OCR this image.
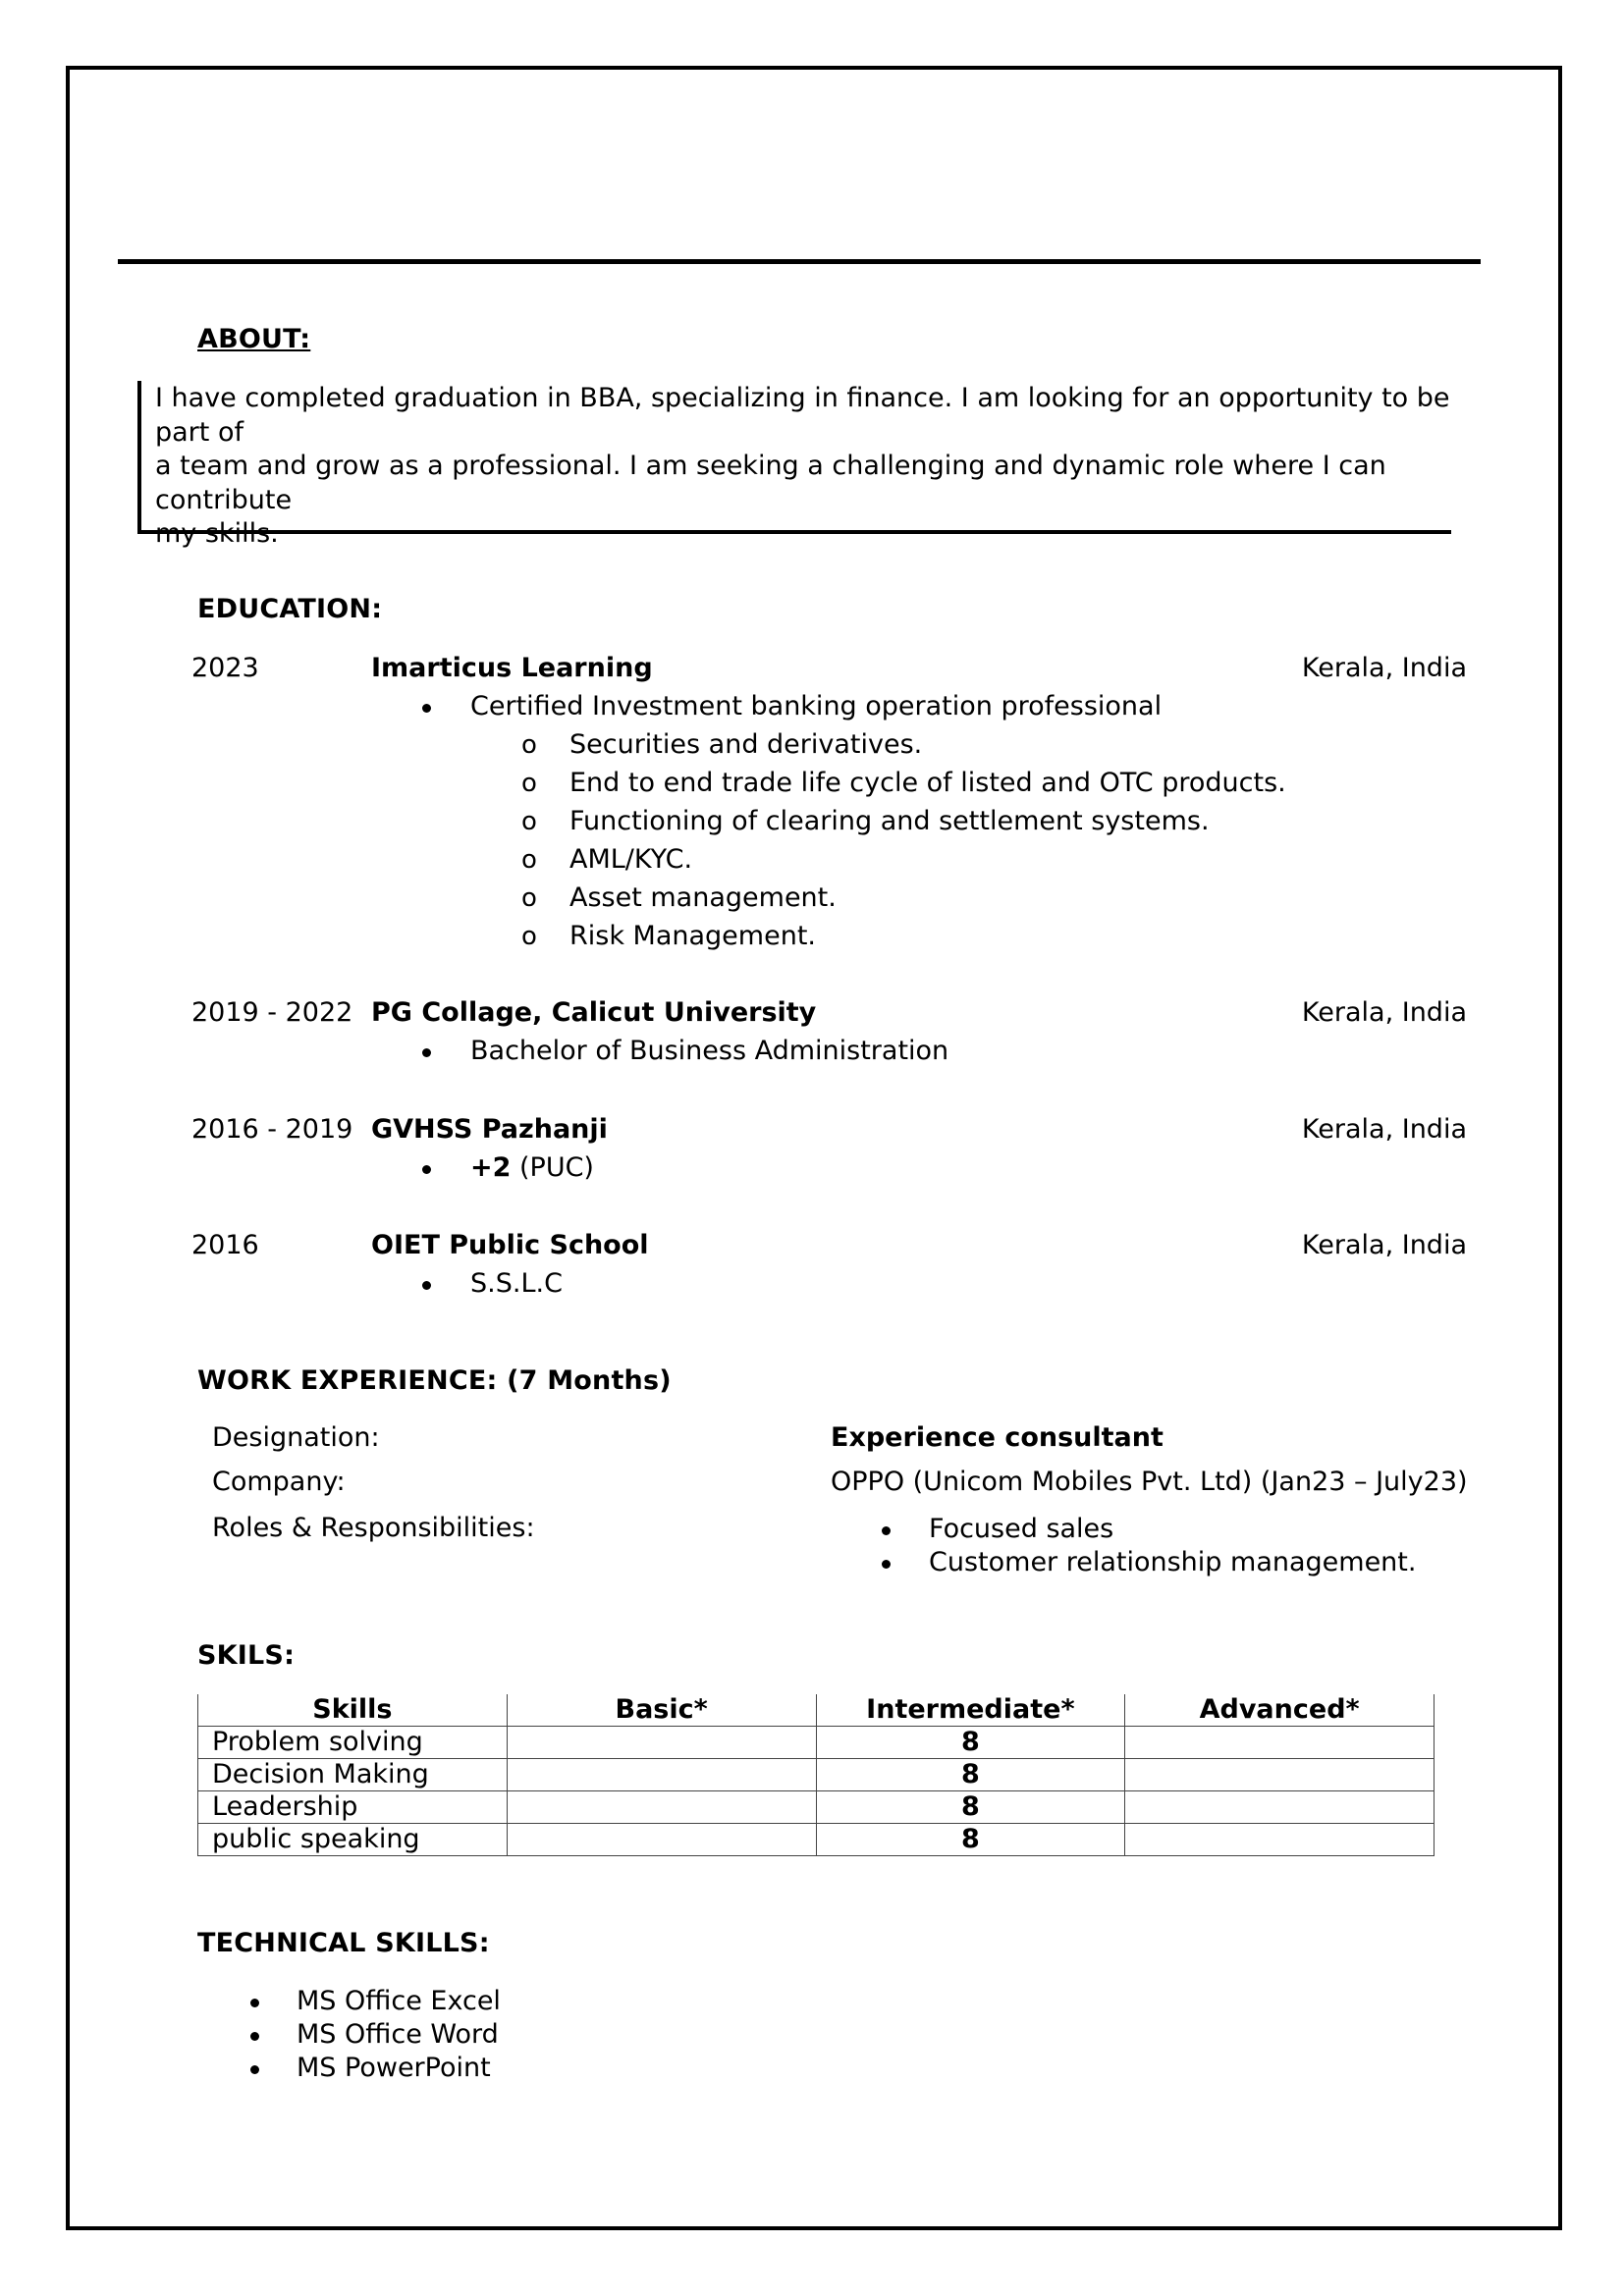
ABOUT:
I have completed graduation in BBA, specializing in finance. I am looking for an opportunity to be part of
a team and grow as a professional. I am seeking a challenging and dynamic role where I can contribute
my skills.
EDUCATION:
2023	Imarticus Learning	Kerala, India
Certified Investment banking operation professional
o Securities and derivatives.
o End to end trade life cycle of listed and OTC products.
o Functioning of clearing and settlement systems.
o AML/KYC.
o Asset management.
o Risk Management.
2019 - 2022 PG Collage, Calicut University	Kerala, India
Bachelor of Business Administration
2016 - 2019 GVHSS Pazhanji	Kerala, India
+2 (PUC)
2016	OIET Public School	Kerala, India
S.S.L.C
WORK EXPERIENCE: (7 Months)
Designation:	Experience consultant
Company:	OPPO (Unicom Mobiles Pvt. Ltd) (Jan23 – July23)
Roles & Responsibilities:	Focused sales
Customer relationship management.
SKILS:
Skills	Basic*	Intermediate*	Advanced*
Problem solving		8	
Decision Making		8	
Leadership		8	
public speaking		8	
TECHNICAL SKILLS:
MS Office Excel
MS Office Word
MS PowerPoint
